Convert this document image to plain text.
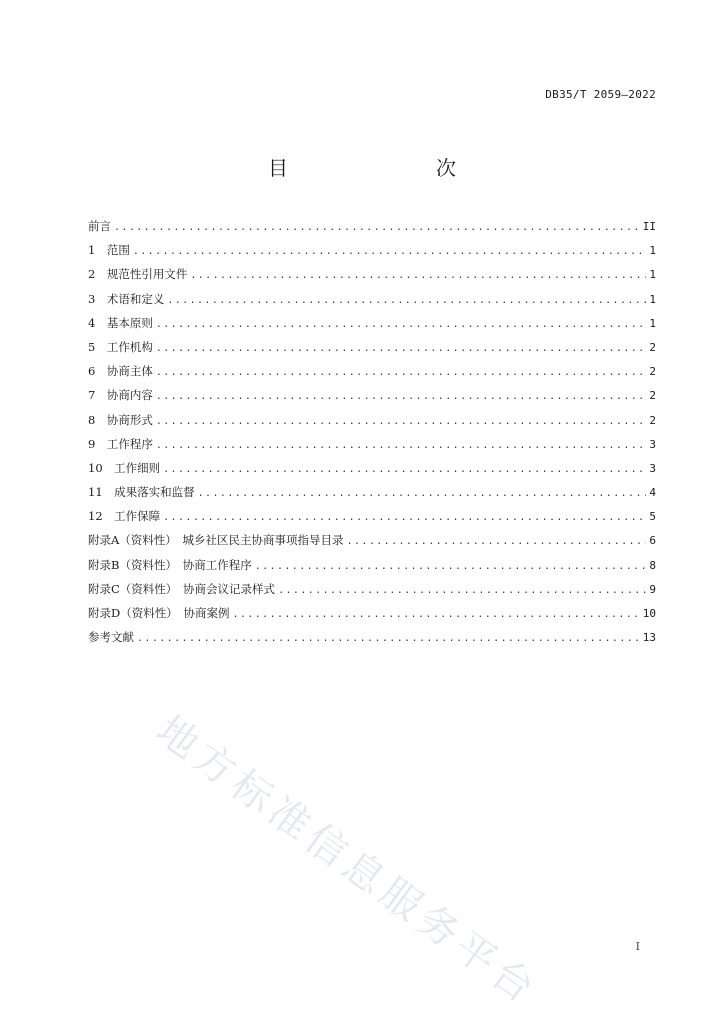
DB35/T 2059—2022
目　　次
前言 .....	II
1　范围 .....	1
2　规范性引用文件 .....	1
3　术语和定义 .....	1
4　基本原则 .....	1
5　工作机构 .....	2
6　协商主体 .....	2
7　协商内容 .....	2
8　协商形式 .....	2
9　工作程序 .....	3
10　工作细则 .....	3
11　成果落实和监督 .....	4
12　工作保障 .....	5
附录A（资料性）　城乡社区民主协商事项指导目录 .....	6
附录B（资料性）　协商工作程序 .....	8
附录C（资料性）　协商会议记录样式 .....	9
附录D（资料性）　协商案例 .....	10
参考文献 .....	13
地方标准信息服务平台	I
